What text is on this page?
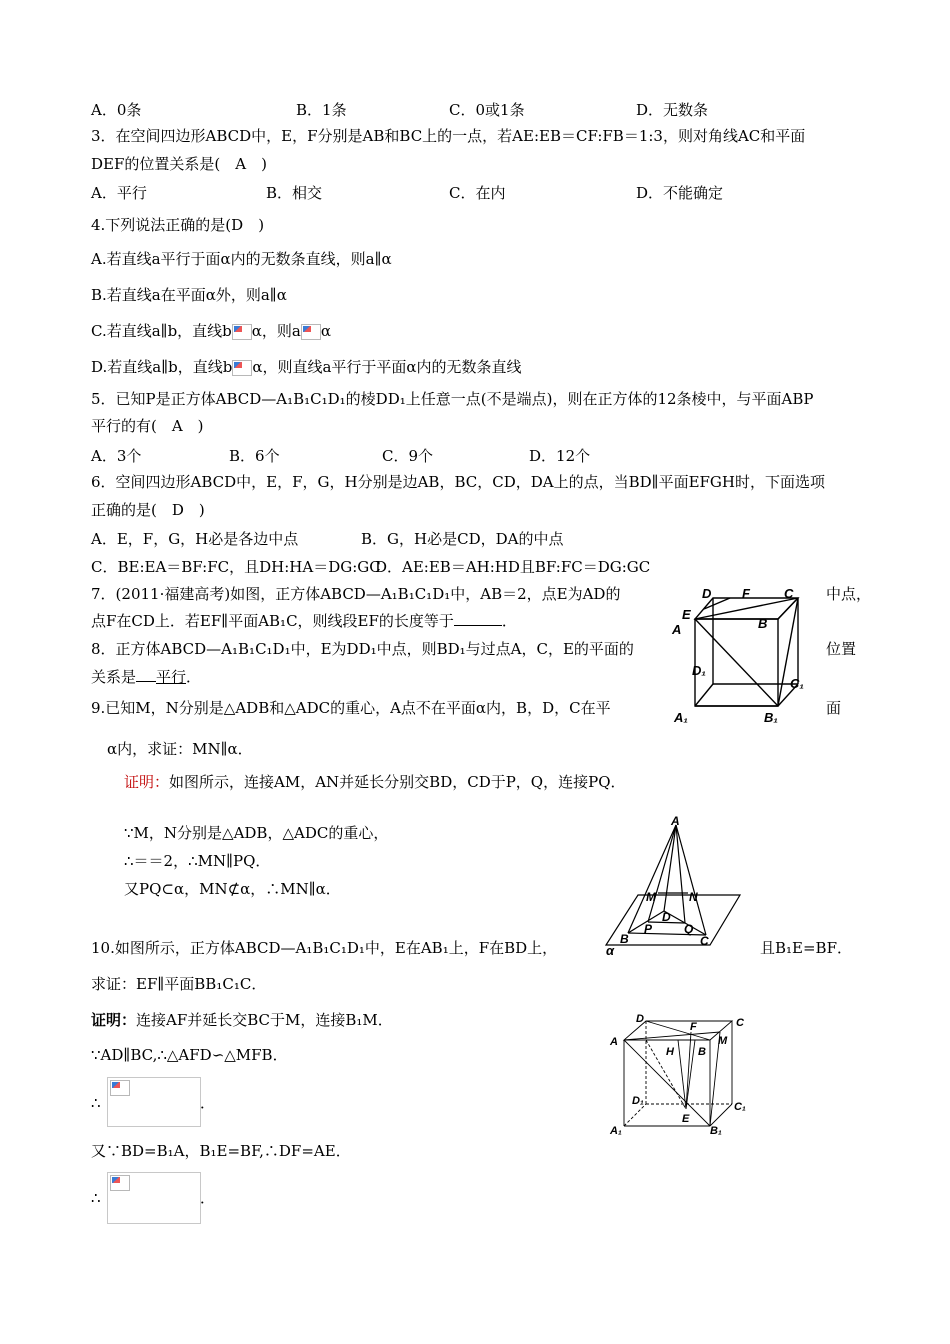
A．0条	B．1条	C．0或1条	D．无数条
3．在空间四边形ABCD中，E，F分别是AB和BC上的一点，若AE:EB＝CF:FB＝1:3，则对角线AC和平面
DEF的位置关系是(　A　)
A．平行	B．相交	C．在内	D．不能确定
4.下列说法正确的是(D　)
A.若直线a平行于面α内的无数条直线，则a∥α
B.若直线a在平面α外，则a∥α
C.若直线a∥b，直线b α，则a α
D.若直线a∥b，直线b α，则直线a平行于平面α内的无数条直线
5．已知P是正方体ABCD—A₁B₁C₁D₁的棱DD₁上任意一点(不是端点)，则在正方体的12条棱中，与平面ABP
平行的有(　A　)
A．3个	B．6个	C．9个	D．12个
6．空间四边形ABCD中，E，F，G，H分别是边AB，BC，CD，DA上的点，当BD∥平面EFGH时，下面选项
正确的是(　D　)
A．E，F，G，H必是各边中点	B．G，H必是CD，DA的中点
C．BE:EA＝BF:FC，且DH:HA＝DG:GC
D．AE:EB＝AH:HD且BF:FC＝DG:GC
7．(2011·福建高考)如图，正方体ABCD—A₁B₁C₁D₁中，AB＝2，点E为AD的	中点，
点F在CD上．若EF∥平面AB₁C，则线段EF的长度等于	．
8．正方体ABCD—A₁B₁C₁D₁中，E为DD₁中点，则BD₁与过点A，C，E的平面的	位置
关系是 平行．
9.已知M，N分别是△ADB和△ADC的重心，A点不在平面α内，B，D，C在平	面
α内，求证：MN∥α．
证明：如图所示，连接AM，AN并延长分别交BD，CD于P，Q，连接PQ．
∵M，N分别是△ADB，△ADC的重心，
∴＝＝2，∴MN∥PQ．
又PQ⊂α，MN⊄α，∴MN∥α．
10.如图所示，正方体ABCD—A₁B₁C₁D₁中，E在AB₁上，F在BD上，	且B₁E=BF．
求证：EF∥平面BB₁C₁C．
证明：连接AF并延长交BC于M，连接B₁M．
∵AD∥BC,∴△AFD∽△MFB．
∴	．
又∵BD=B₁A，B₁E=BF,∴DF=AE．
∴	．
D F	C
E
B
A
D₁
C₁
A₁	B₁
A
M	N
D
B
P	Q
C
α
D
F	C
A
H B
M
D₁
E
C₁
A₁	B₁
